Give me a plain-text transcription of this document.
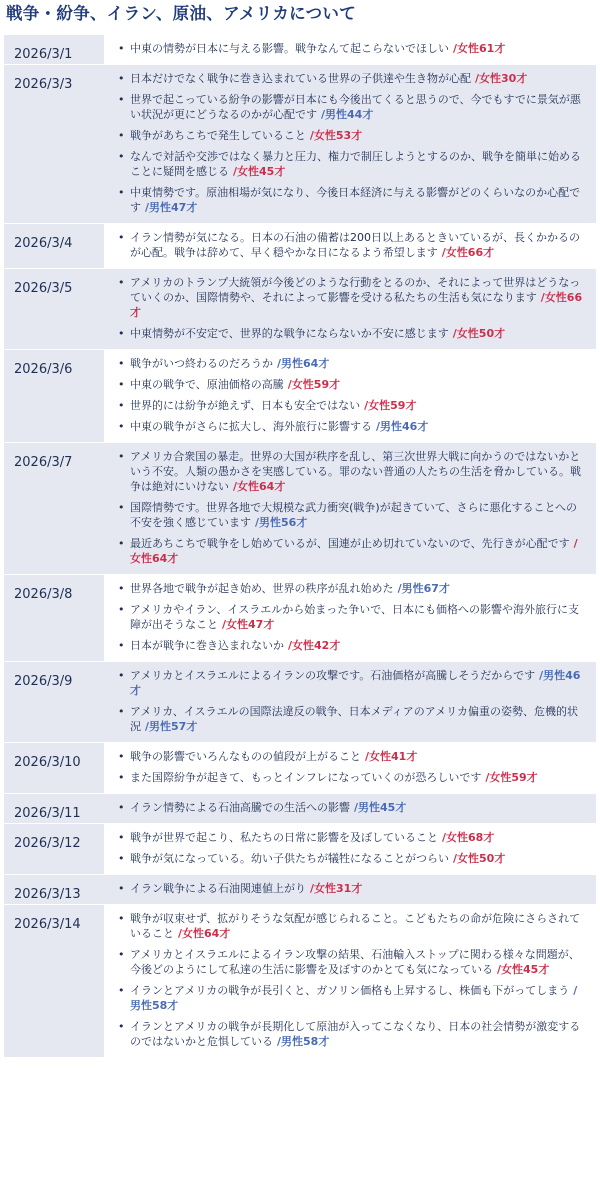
戦争・紛争、イラン、原油、アメリカについて
2026/3/1	• 中東の情勢が日本に与える影響。戦争なんて起こらないでほしい /女性61才
2026/3/3	• 日本だけでなく戦争に巻き込まれている世界の子供達や生き物が心配 /女性30才
• 世界で起こっている紛争の影響が日本にも今後出てくると思うので、今でもすでに景気が悪い状況が更にどうなるのかが心配です /男性44才
• 戦争があちこちで発生していること /女性53才
• なんで対話や交渉ではなく暴力と圧力、権力で制圧しようとするのか、戦争を簡単に始めることに疑問を感じる /女性45才
• 中東情勢です。原油相場が気になり、今後日本経済に与える影響がどのくらいなのか心配です /男性47才
2026/3/4	• イラン情勢が気になる。日本の石油の備蓄は200日以上あるときいているが、長くかかるのが心配。戦争は辞めて、早く穏やかな日になるよう希望します /女性66才
2026/3/5	• アメリカのトランプ大統領が今後どのような行動をとるのか、それによって世界はどうなっていくのか、国際情勢や、それによって影響を受ける私たちの生活も気になります /女性66才
• 中東情勢が不安定で、世界的な戦争にならないか不安に感じます /女性50才
2026/3/6	• 戦争がいつ終わるのだろうか /男性64才
• 中東の戦争で、原油価格の高騰 /女性59才
• 世界的には紛争が絶えず、日本も安全ではない /女性59才
• 中東の戦争がさらに拡大し、海外旅行に影響する /男性46才
2026/3/7	• アメリカ合衆国の暴走。世界の大国が秩序を乱し、第三次世界大戦に向かうのではないかという不安。人類の愚かさを実感している。罪のない普通の人たちの生活を脅かしている。戦争は絶対にいけない /女性64才
• 国際情勢です。世界各地で大規模な武力衝突(戦争)が起きていて、さらに悪化することへの不安を強く感じています /男性56才
• 最近あちこちで戦争をし始めているが、国連が止め切れていないので、先行きが心配です /女性64才
2026/3/8	• 世界各地で戦争が起き始め、世界の秩序が乱れ始めた /男性67才
• アメリカやイラン、イスラエルから始まった争いで、日本にも価格への影響や海外旅行に支障が出そうなこと /女性47才
• 日本が戦争に巻き込まれないか /女性42才
2026/3/9	• アメリカとイスラエルによるイランの攻撃です。石油価格が高騰しそうだからです /男性46才
• アメリカ、イスラエルの国際法違反の戦争、日本メディアのアメリカ偏重の姿勢、危機的状況 /男性57才
2026/3/10	• 戦争の影響でいろんなものの値段が上がること /女性41才
• また国際紛争が起きて、もっとインフレになっていくのが恐ろしいです /女性59才
2026/3/11	• イラン情勢による石油高騰での生活への影響 /男性45才
2026/3/12	• 戦争が世界で起こり、私たちの日常に影響を及ぼしていること /女性68才
• 戦争が気になっている。幼い子供たちが犠牲になることがつらい /女性50才
2026/3/13	• イラン戦争による石油関連値上がり /女性31才
2026/3/14	• 戦争が収束せず、拡がりそうな気配が感じられること。こどもたちの命が危険にさらされていること /女性64才
• アメリカとイスラエルによるイラン攻撃の結果、石油輸入ストップに関わる様々な問題が、今後どのようにして私達の生活に影響を及ぼすのかとても気になっている /女性45才
• イランとアメリカの戦争が長引くと、ガソリン価格も上昇するし、株価も下がってしまう /男性58才
• イランとアメリカの戦争が長期化して原油が入ってこなくなり、日本の社会情勢が激変するのではないかと危惧している /男性58才
